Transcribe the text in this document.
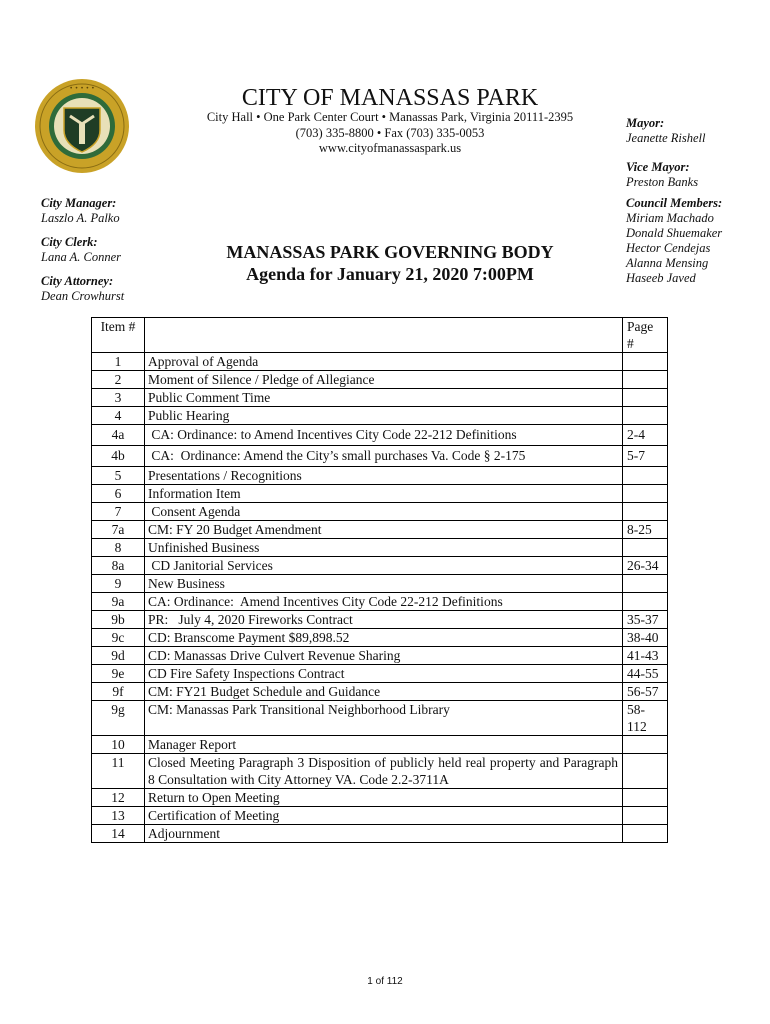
• • • • •	CITY OF MANASSAS PARK
City Hall • One Park Center Court • Manassas Park, Virginia 20111-2395
(703) 335-8800 • Fax (703) 335-0053
www.cityofmanassaspark.us
Mayor:
Jeanette Rishell
Vice Mayor:
Preston Banks
Council Members:
Miriam Machado
Donald Shuemaker
Hector Cendejas
Alanna Mensing
Haseeb Javed
City Manager:
Laszlo A. Palko
City Clerk:
Lana A. Conner
City Attorney:
Dean Crowhurst
MANASSAS PARK GOVERNING BODY
Agenda for January 21, 2020 7:00PM
Item #		Page #
1	Approval of Agenda	
2	Moment of Silence / Pledge of Allegiance	
3	Public Comment Time	
4	Public Hearing	
4a	CA: Ordinance: to Amend Incentives City Code 22-212 Definitions	2-4
4b	CA:  Ordinance: Amend the City’s small purchases Va. Code § 2-175	5-7
5	Presentations / Recognitions	
6	Information Item	
7	Consent Agenda	
7a	CM: FY 20 Budget Amendment	8-25
8	Unfinished Business	
8a	CD Janitorial Services	26-34
9	New Business	
9a	CA: Ordinance:  Amend Incentives City Code 22-212 Definitions	
9b	PR:   July 4, 2020 Fireworks Contract	35-37
9c	CD: Branscome Payment $89,898.52	38-40
9d	CD: Manassas Drive Culvert Revenue Sharing	41-43
9e	CD Fire Safety Inspections Contract	44-55
9f	CM: FY21 Budget Schedule and Guidance	56-57
9g	CM: Manassas Park Transitional Neighborhood Library	58-112
10	Manager Report	
11	Closed Meeting Paragraph 3 Disposition of publicly held real property and Paragraph 8 Consultation with City Attorney VA. Code 2.2-3711A	
12	Return to Open Meeting	
13	Certification of Meeting	
14	Adjournment	
1 of 112
